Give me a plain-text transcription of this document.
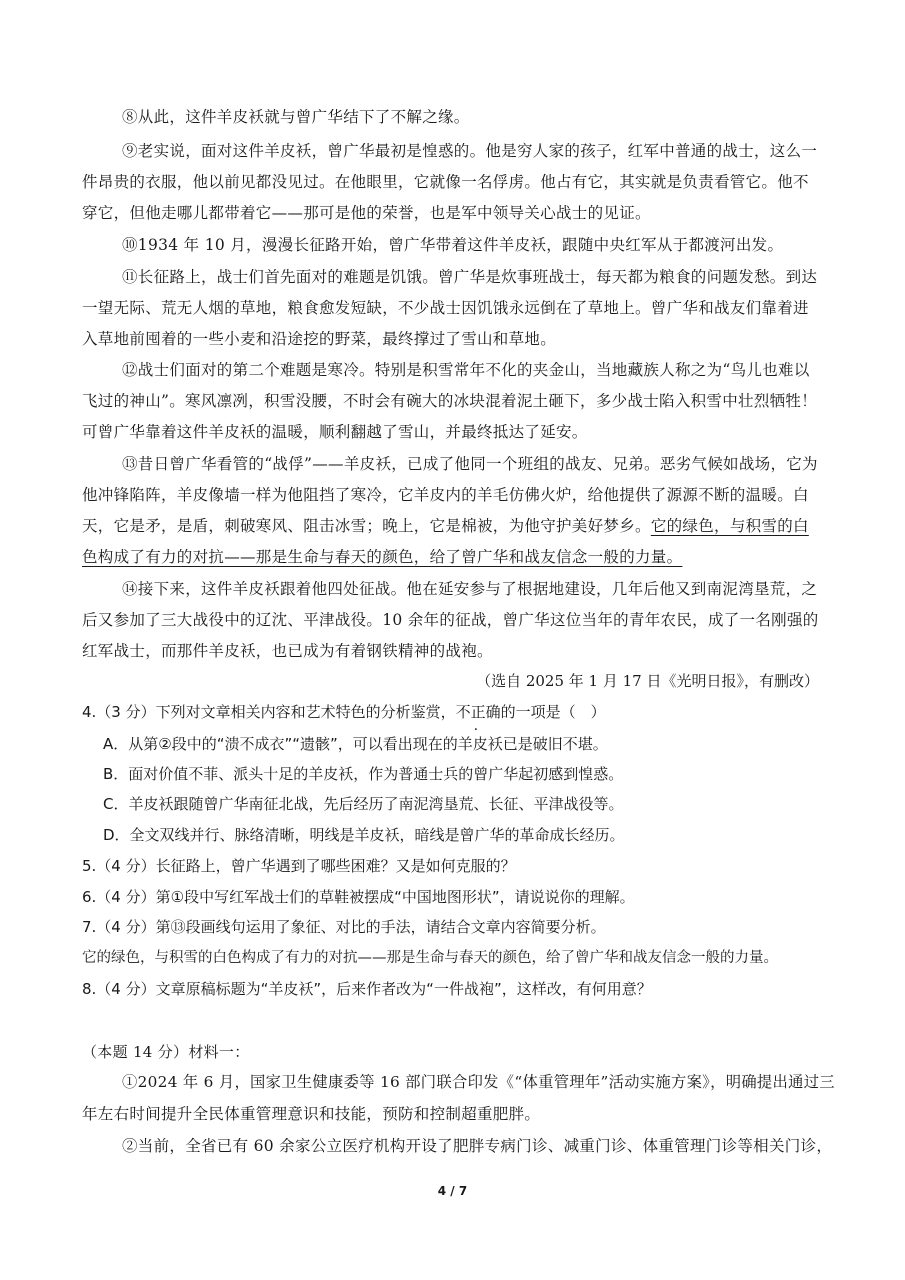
⑧从此，这件羊皮袄就与曾广华结下了不解之缘。
⑨老实说，面对这件羊皮袄，曾广华最初是惶惑的。他是穷人家的孩子，红军中普通的战士，这么一
件昂贵的衣服，他以前见都没见过。在他眼里，它就像一名俘虏。他占有它，其实就是负责看管它。他不
穿它，但他走哪儿都带着它——那可是他的荣誉，也是军中领导关心战士的见证。
⑩1934 年 10 月，漫漫长征路开始，曾广华带着这件羊皮袄，跟随中央红军从于都渡河出发。
⑪长征路上，战士们首先面对的难题是饥饿。曾广华是炊事班战士，每天都为粮食的问题发愁。到达
一望无际、荒无人烟的草地，粮食愈发短缺，不少战士因饥饿永远倒在了草地上。曾广华和战友们靠着进
入草地前囤着的一些小麦和沿途挖的野菜，最终撑过了雪山和草地。
⑫战士们面对的第二个难题是寒冷。特别是积雪常年不化的夹金山，当地藏族人称之为“鸟儿也难以
飞过的神山”。寒风凛冽，积雪没腰，不时会有碗大的冰块混着泥土砸下，多少战士陷入积雪中壮烈牺牲！
可曾广华靠着这件羊皮袄的温暖，顺利翻越了雪山，并最终抵达了延安。
⑬昔日曾广华看管的“战俘”——羊皮袄，已成了他同一个班组的战友、兄弟。恶劣气候如战场，它为
他冲锋陷阵，羊皮像墙一样为他阻挡了寒冷，它羊皮内的羊毛仿佛火炉，给他提供了源源不断的温暖。白
天，它是矛，是盾，刺破寒风、阻击冰雪；晚上，它是棉被，为他守护美好梦乡。它的绿色，与积雪的白
色构成了有力的对抗——那是生命与春天的颜色，给了曾广华和战友信念一般的力量。
⑭接下来，这件羊皮袄跟着他四处征战。他在延安参与了根据地建设，几年后他又到南泥湾垦荒，之
后又参加了三大战役中的辽沈、平津战役。10 余年的征战，曾广华这位当年的青年农民，成了一名刚强的
红军战士，而那件羊皮袄，也已成为有着钢铁精神的战袍。
（选自 2025 年 1 月 17 日《光明日报》，有删改）
4.（3 分）下列对文章相关内容和艺术特色的分析鉴赏，不正确的一项是（　）
A．从第②段中的“溃不成衣”“遗骸”，可以看出现在的羊皮袄已是破旧不堪。
B．面对价值不菲、派头十足的羊皮袄，作为普通士兵的曾广华起初感到惶惑。
C．羊皮袄跟随曾广华南征北战，先后经历了南泥湾垦荒、长征、平津战役等。
D．全文双线并行、脉络清晰，明线是羊皮袄，暗线是曾广华的革命成长经历。
5.（4 分）长征路上，曾广华遇到了哪些困难？又是如何克服的？
6.（4 分）第①段中写红军战士们的草鞋被摆成“中国地图形状”，请说说你的理解。
7.（4 分）第⑬段画线句运用了象征、对比的手法，请结合文章内容简要分析。
它的绿色，与积雪的白色构成了有力的对抗——那是生命与春天的颜色，给了曾广华和战友信念一般的力量。
8.（4 分）文章原稿标题为“羊皮袄”，后来作者改为“一件战袍”，这样改，有何用意？
（本题 14 分）材料一：
①2024 年 6 月，国家卫生健康委等 16 部门联合印发《“体重管理年”活动实施方案》，明确提出通过三
年左右时间提升全民体重管理意识和技能，预防和控制超重肥胖。
②当前，全省已有 60 余家公立医疗机构开设了肥胖专病门诊、减重门诊、体重管理门诊等相关门诊，
4 / 7
